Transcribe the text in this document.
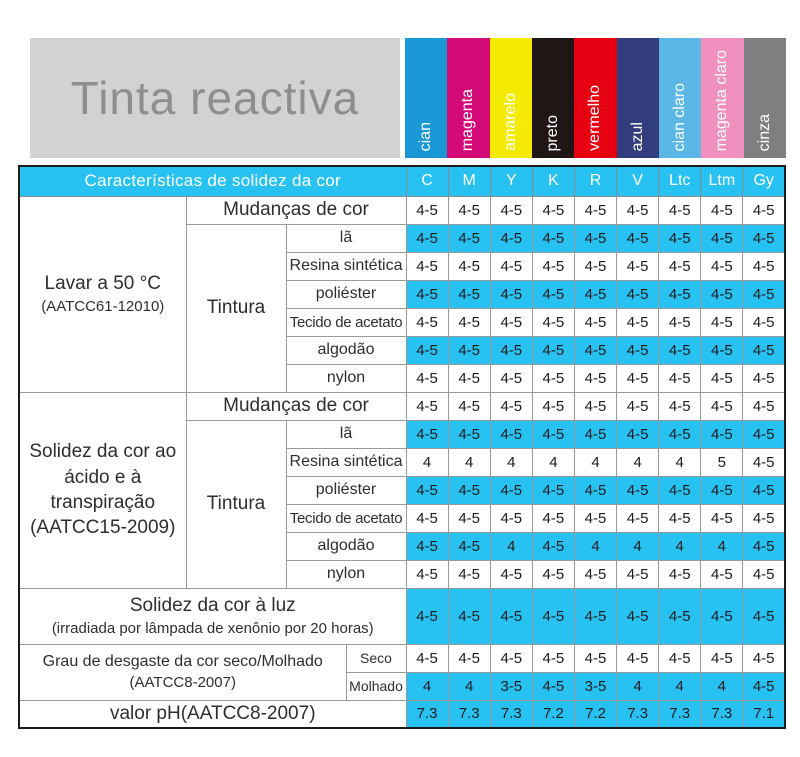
Tinta reactiva
cian magenta amarelo preto vermelho azul cian claro magenta claro cinza
Características de solidez da cor				C	M	Y	K	R	V	Ltc	Ltm	Gy

Lavar a 50 °C
(AATCC61-12010)	Mudanças de cor			4-5	4-5	4-5	4-5	4-5	4-5	4-5	4-5	4-5
	Tintura	lã		4-5	4-5	4-5	4-5	4-5	4-5	4-5	4-5	4-5
		Resina sintética		4-5	4-5	4-5	4-5	4-5	4-5	4-5	4-5	4-5
		poliéster		4-5	4-5	4-5	4-5	4-5	4-5	4-5	4-5	4-5
		Tecido de acetato		4-5	4-5	4-5	4-5	4-5	4-5	4-5	4-5	4-5
		algodão		4-5	4-5	4-5	4-5	4-5	4-5	4-5	4-5	4-5
		nylon		4-5	4-5	4-5	4-5	4-5	4-5	4-5	4-5	4-5

Solidez da cor ao ácido e à transpiração
(AATCC15-2009)	Mudanças de cor			4-5	4-5	4-5	4-5	4-5	4-5	4-5	4-5	4-5
	Tintura	lã		4-5	4-5	4-5	4-5	4-5	4-5	4-5	4-5	4-5
		Resina sintética		4	4	4	4	4	4	4	5	4-5
		poliéster		4-5	4-5	4-5	4-5	4-5	4-5	4-5	4-5	4-5
		Tecido de acetato		4-5	4-5	4-5	4-5	4-5	4-5	4-5	4-5	4-5
		algodão		4-5	4-5	4	4-5	4	4	4	4	4-5
		nylon		4-5	4-5	4-5	4-5	4-5	4-5	4-5	4-5	4-5

Solidez da cor à luz
(irradiada por lâmpada de xenônio por 20 horas)				4-5	4-5	4-5	4-5	4-5	4-5	4-5	4-5	4-5

Grau de desgaste da cor seco/Molhado
(AATCC8-2007)			Seco	4-5	4-5	4-5	4-5	4-5	4-5	4-5	4-5	4-5
			Molhado	4	4	3-5	4-5	3-5	4	4	4	4-5
valor pH(AATCC8-2007)				7.3	7.3	7.3	7.2	7.2	7.3	7.3	7.3	7.1
